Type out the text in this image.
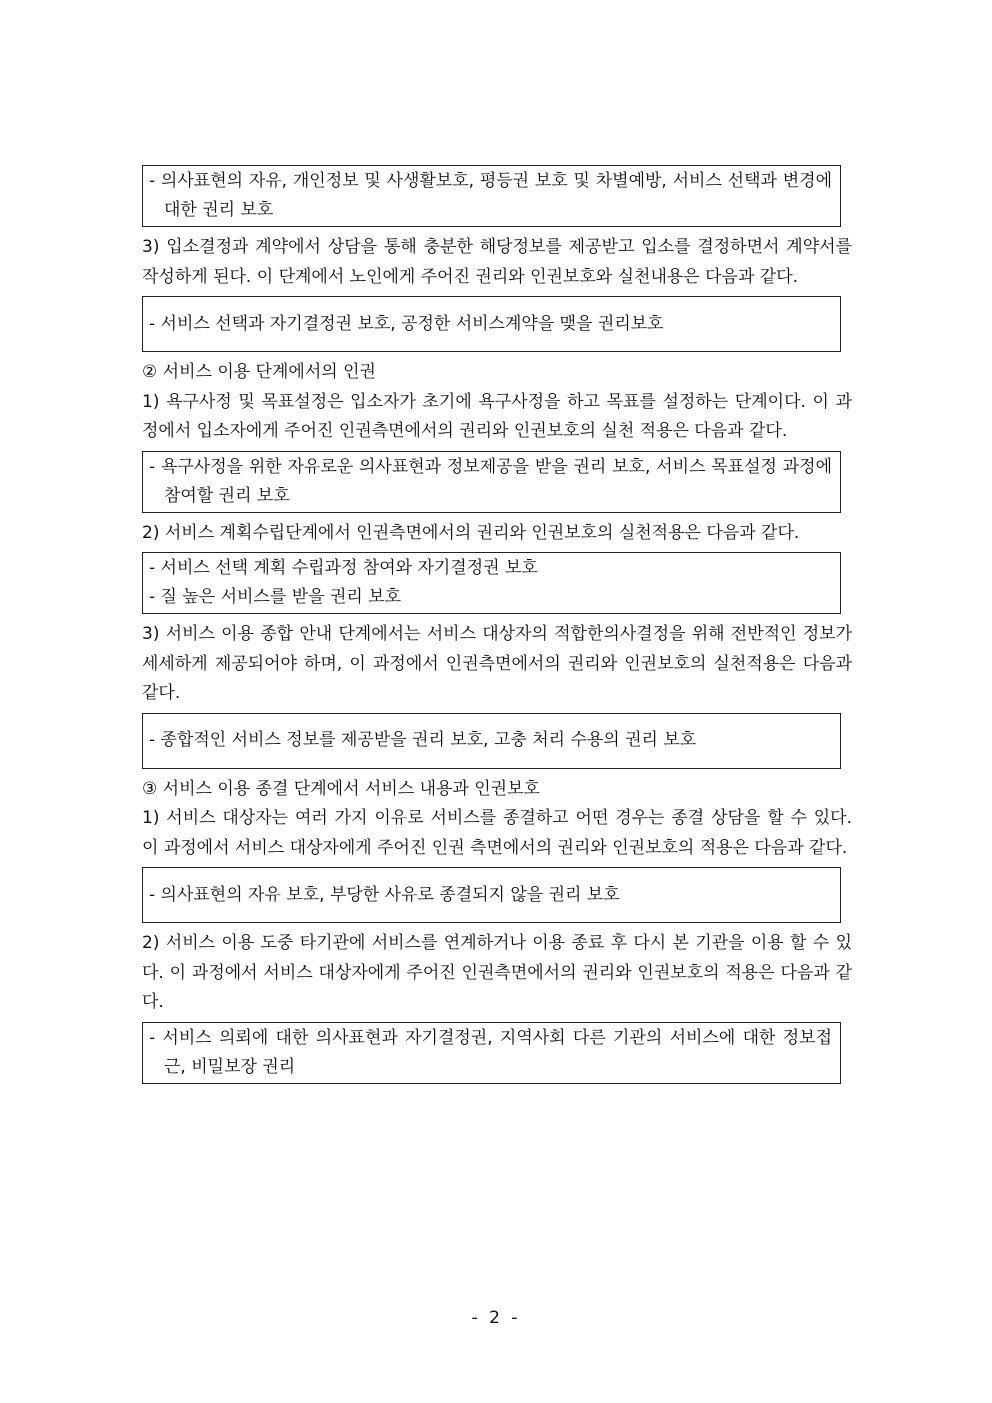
- 의사표현의 자유, 개인정보 및 사생활보호, 평등권 보호 및 차별예방, 서비스 선택과 변경에 대한 권리 보호

3) 입소결정과 계약에서 상담을 통해 충분한 해당정보를 제공받고 입소를 결정하면서 계약서를 작성하게 된다. 이 단계에서 노인에게 주어진 권리와 인권보호와 실천내용은 다음과 같다.

- 서비스 선택과 자기결정권 보호, 공정한 서비스계약을 맺을 권리보호

② 서비스 이용 단계에서의 인권

1) 욕구사정 및 목표설정은 입소자가 초기에 욕구사정을 하고 목표를 설정하는 단계이다. 이 과정에서 입소자에게 주어진 인권측면에서의 권리와 인권보호의 실천 적용은 다음과 같다.

- 욕구사정을 위한 자유로운 의사표현과 정보제공을 받을 권리 보호, 서비스 목표설정 과정에 참여할 권리 보호

2) 서비스 계획수립단계에서 인권측면에서의 권리와 인권보호의 실천적용은 다음과 같다.

- 서비스 선택 계획 수립과정 참여와 자기결정권 보호
- 질 높은 서비스를 받을 권리 보호

3) 서비스 이용 종합 안내 단계에서는 서비스 대상자의 적합한의사결정을 위해 전반적인 정보가 세세하게 제공되어야 하며, 이 과정에서 인권측면에서의 권리와 인권보호의 실천적용은 다음과 같다.

- 종합적인 서비스 정보를 제공받을 권리 보호, 고충 처리 수용의 권리 보호

③ 서비스 이용 종결 단계에서 서비스 내용과 인권보호

1) 서비스 대상자는 여러 가지 이유로 서비스를 종결하고 어떤 경우는 종결 상담을 할 수 있다. 이 과정에서 서비스 대상자에게 주어진 인권 측면에서의 권리와 인권보호의 적용은 다음과 같다.

- 의사표현의 자유 보호, 부당한 사유로 종결되지 않을 권리 보호

2) 서비스 이용 도중 타기관에 서비스를 연계하거나 이용 종료 후 다시 본 기관을 이용 할 수 있다. 이 과정에서 서비스 대상자에게 주어진 인권측면에서의 권리와 인권보호의 적용은 다음과 같다.

- 서비스 의뢰에 대한 의사표현과 자기결정권, 지역사회 다른 기관의 서비스에 대한 정보접근, 비밀보장 권리
- 2 -
